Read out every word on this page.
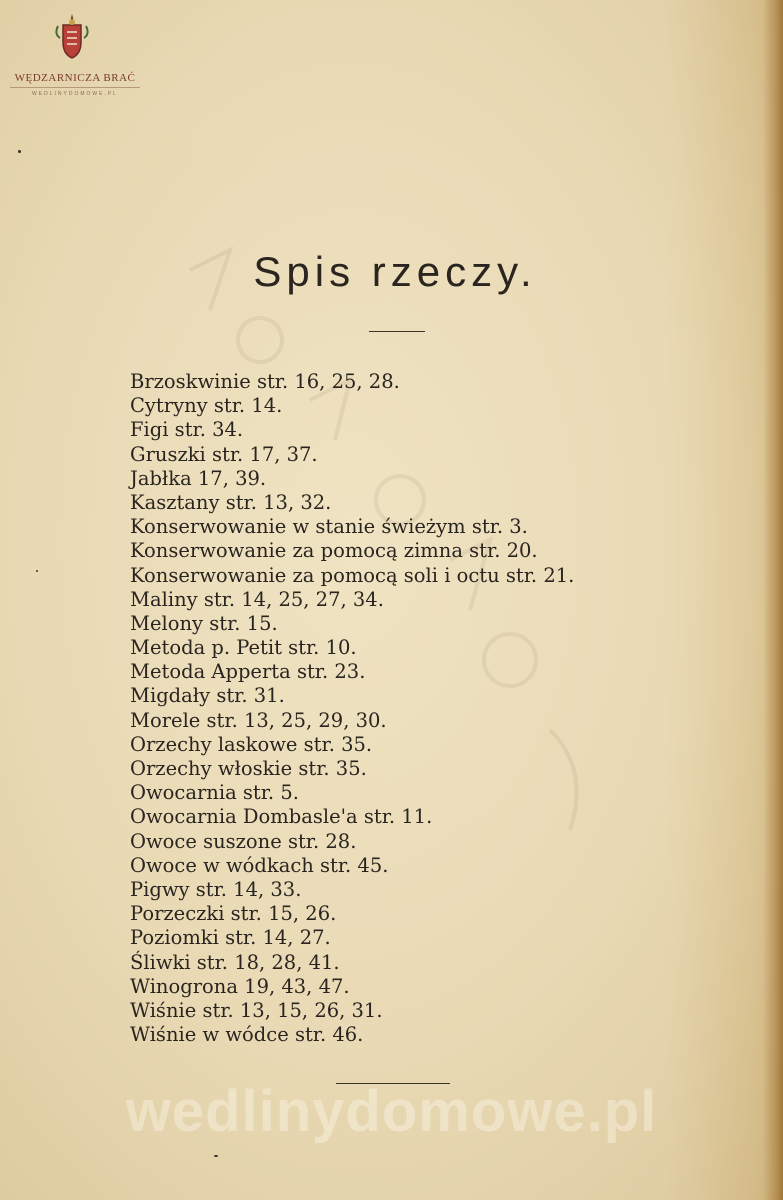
WĘDZARNICZA BRAĆ
WEDLINYDOMOWE.PL
Spis rzeczy.
Brzoskwinie str. 16, 25, 28.
Cytryny str. 14.
Figi str. 34.
Gruszki str. 17, 37.
Jabłka 17, 39.
Kasztany str. 13, 32.
Konserwowanie w stanie świeżym str. 3.
Konserwowanie za pomocą zimna str. 20.
Konserwowanie za pomocą soli i octu str. 21.
Maliny str. 14, 25, 27, 34.
Melony str. 15.
Metoda p. Petit str. 10.
Metoda Apperta str. 23.
Migdały str. 31.
Morele str. 13, 25, 29, 30.
Orzechy laskowe str. 35.
Orzechy włoskie str. 35.
Owocarnia str. 5.
Owocarnia Dombasle'a str. 11.
Owoce suszone str. 28.
Owoce w wódkach str. 45.
Pigwy str. 14, 33.
Porzeczki str. 15, 26.
Poziomki str. 14, 27.
Śliwki str. 18, 28, 41.
Winogrona 19, 43, 47.
Wiśnie str. 13, 15, 26, 31.
Wiśnie w wódce str. 46.
wedlinydomowe.pl
